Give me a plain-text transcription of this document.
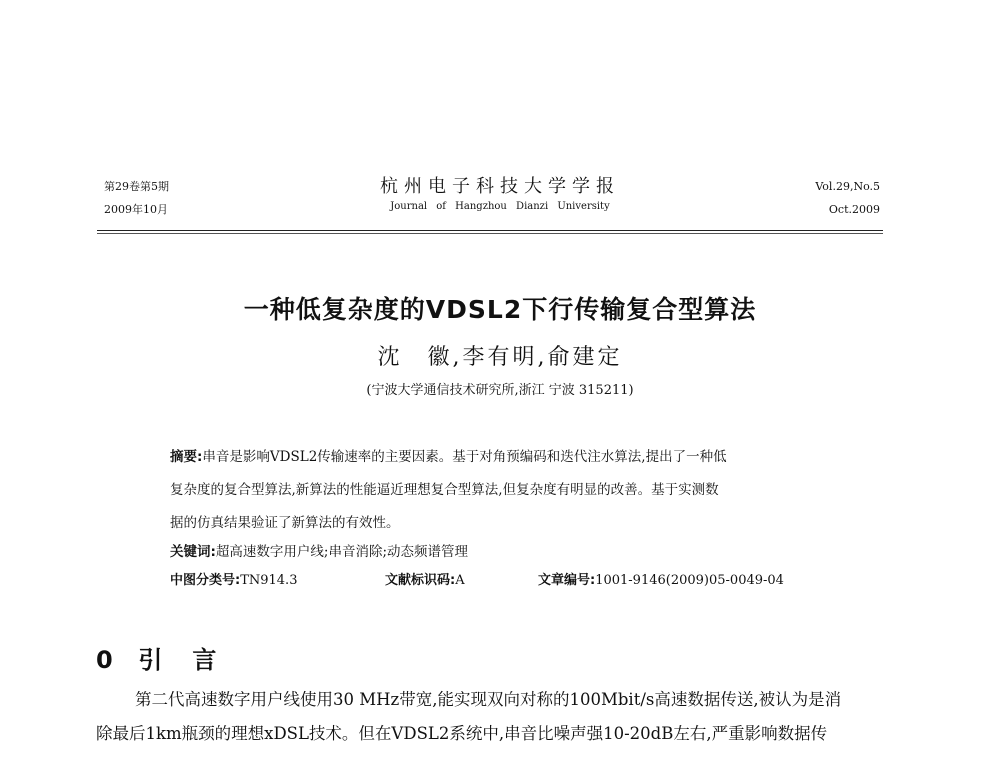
第29卷第5期
2009年10月
杭州电子科技大学学报
Journal of Hangzhou Dianzi University
Vol.29,No.5
Oct.2009
一种低复杂度的VDSL2下行传输复合型算法
沈　徽,李有明,俞建定
(宁波大学通信技术研究所,浙江 宁波 315211)
摘要:串音是影响VDSL2传输速率的主要因素。基于对角预编码和迭代注水算法,提出了一种低
复杂度的复合型算法,新算法的性能逼近理想复合型算法,但复杂度有明显的改善。基于实测数
据的仿真结果验证了新算法的有效性。
关键词:超高速数字用户线;串音消除;动态频谱管理
中图分类号:TN914.3	文献标识码:A	文章编号:1001-9146(2009)05-0049-04
0 引　言
第二代高速数字用户线使用30 MHz带宽,能实现双向对称的100Mbit/s高速数据传送,被认为是消
除最后1km瓶颈的理想xDSL技术。但在VDSL2系统中,串音比噪声强10-20dB左右,严重影响数据传
